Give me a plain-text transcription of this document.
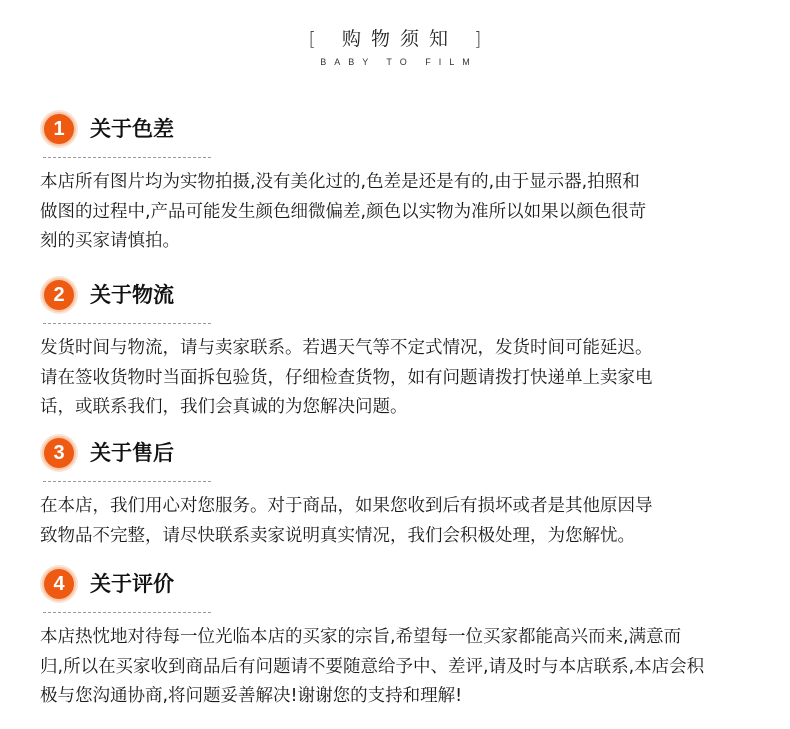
[ 购物须知 ]
BABY TO FILM
1	关于色差
本店所有图片均为实物拍摄,没有美化过的,色差是还是有的,由于显示器,拍照和
做图的过程中,产品可能发生颜色细微偏差,颜色以实物为准所以如果以颜色很苛
刻的买家请慎拍。
2	关于物流
发货时间与物流，请与卖家联系。若遇天气等不定式情况，发货时间可能延迟。
请在签收货物时当面拆包验货，仔细检查货物，如有问题请拨打快递单上卖家电
话，或联系我们，我们会真诚的为您解决问题。
3	关于售后
在本店，我们用心对您服务。对于商品，如果您收到后有损坏或者是其他原因导
致物品不完整，请尽快联系卖家说明真实情况，我们会积极处理，为您解忧。
4	关于评价
本店热忱地对待每一位光临本店的买家的宗旨,希望每一位买家都能高兴而来,满意而
归,所以在买家收到商品后有问题请不要随意给予中、差评,请及时与本店联系,本店会积
极与您沟通协商,将问题妥善解决!谢谢您的支持和理解!
